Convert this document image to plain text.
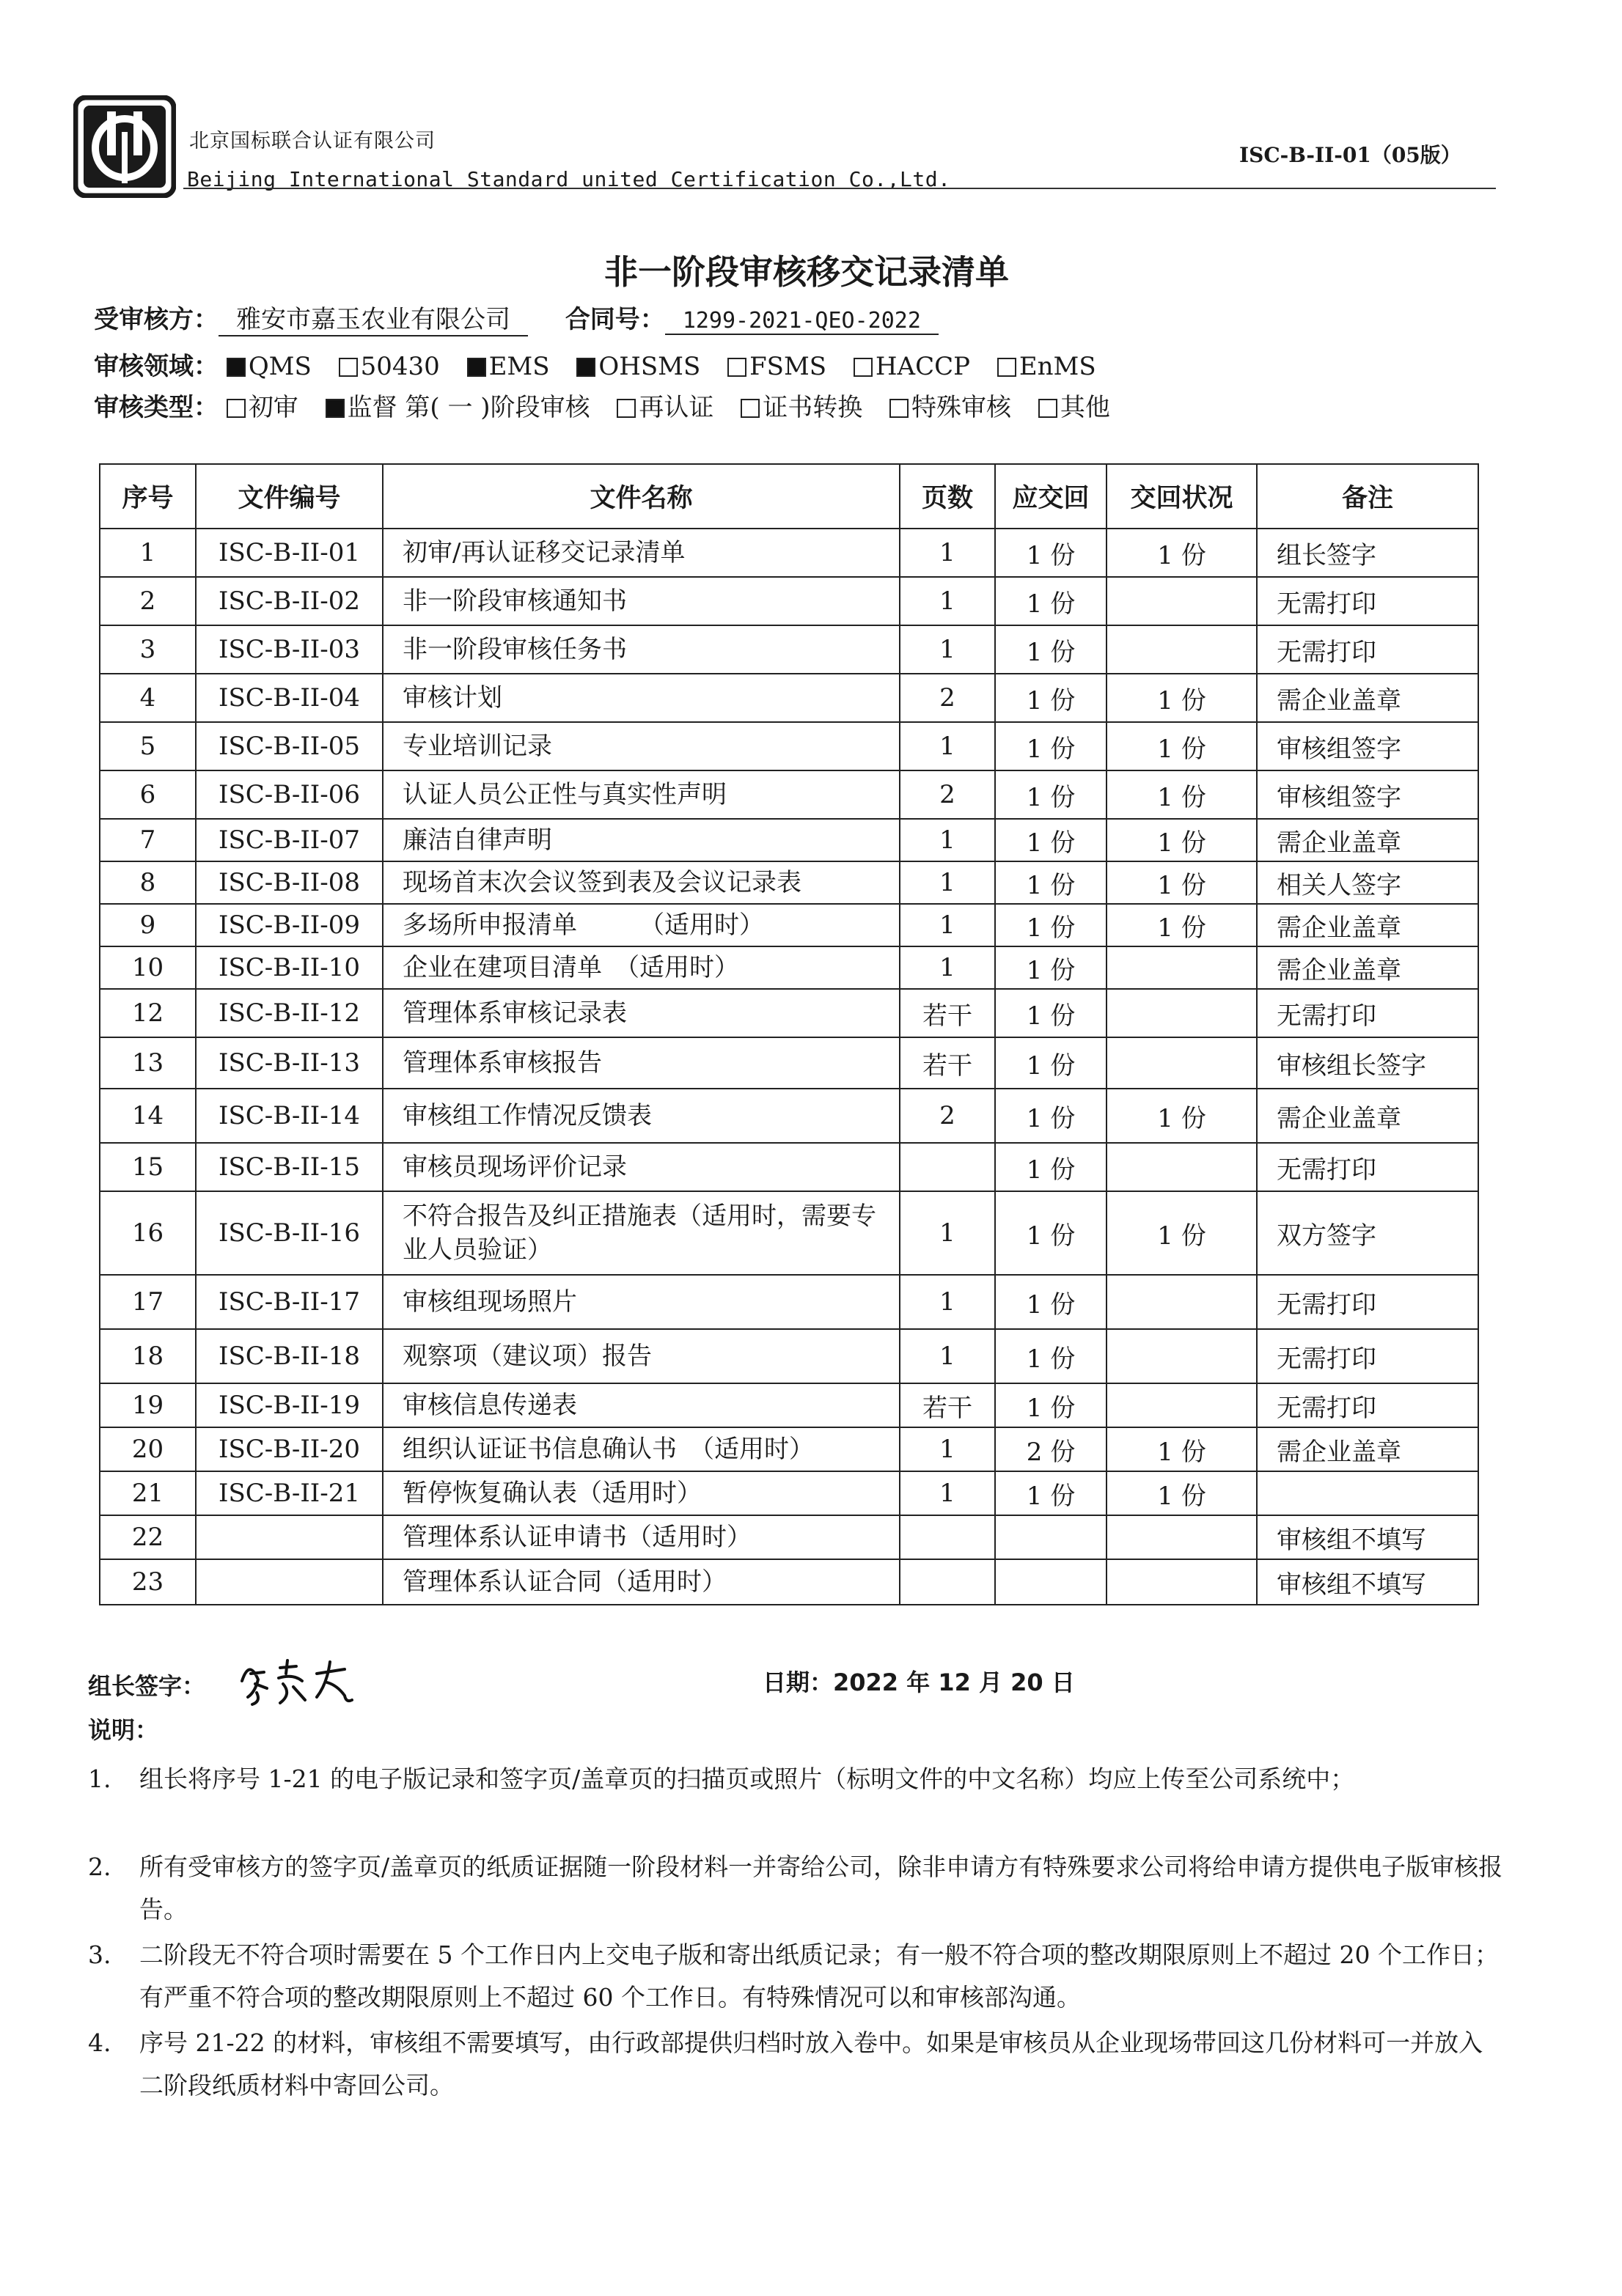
北京国标联合认证有限公司
Beijing International Standard united Certification Co.,Ltd.
ISC-B-II-01（05版）
非一阶段审核移交记录清单
受审核方： 雅安市嘉玉农业有限公司 合同号： 1299-2021-QEO-2022
审核领域： QMS 50430 EMS OHSMS FSMS HACCP EnMS
审核类型： 初审 监督 第( 一 )阶段审核 再认证 证书转换 特殊审核 其他
序号	文件编号	文件名称	页数	应交回	交回状况	备注
1	ISC-B-II-01	初审/再认证移交记录清单	1	1 份	1 份	组长签字
2	ISC-B-II-02	非一阶段审核通知书	1	1 份		无需打印
3	ISC-B-II-03	非一阶段审核任务书	1	1 份		无需打印
4	ISC-B-II-04	审核计划	2	1 份	1 份	需企业盖章
5	ISC-B-II-05	专业培训记录	1	1 份	1 份	审核组签字
6	ISC-B-II-06	认证人员公正性与真实性声明	2	1 份	1 份	审核组签字
7	ISC-B-II-07	廉洁自律声明	1	1 份	1 份	需企业盖章
8	ISC-B-II-08	现场首末次会议签到表及会议记录表	1	1 份	1 份	相关人签字
9	ISC-B-II-09	多场所申报清单　　　（适用时）	1	1 份	1 份	需企业盖章
10	ISC-B-II-10	企业在建项目清单　（适用时）	1	1 份		需企业盖章
12	ISC-B-II-12	管理体系审核记录表	若干	1 份		无需打印
13	ISC-B-II-13	管理体系审核报告	若干	1 份		审核组长签字
14	ISC-B-II-14	审核组工作情况反馈表	2	1 份	1 份	需企业盖章
15	ISC-B-II-15	审核员现场评价记录		1 份		无需打印
16	ISC-B-II-16	不符合报告及纠正措施表（适用时，需要专业人员验证）	1	1 份	1 份	双方签字
17	ISC-B-II-17	审核组现场照片	1	1 份		无需打印
18	ISC-B-II-18	观察项（建议项）报告	1	1 份		无需打印
19	ISC-B-II-19	审核信息传递表	若干	1 份		无需打印
20	ISC-B-II-20	组织认证证书信息确认书　（适用时）	1	2 份	1 份	需企业盖章
21	ISC-B-II-21	暂停恢复确认表（适用时）	1	1 份	1 份	
22		管理体系认证申请书（适用时）				审核组不填写
23		管理体系认证合同（适用时）				审核组不填写
组长签字：	日期：2022 年 12 月 20 日
说明：
1.	组长将序号 1-21 的电子版记录和签字页/盖章页的扫描页或照片（标明文件的中文名称）均应上传至公司系统中；
2.	所有受审核方的签字页/盖章页的纸质证据随一阶段材料一并寄给公司，除非申请方有特殊要求公司将给申请方提供电子版审核报告。
3.	二阶段无不符合项时需要在 5 个工作日内上交电子版和寄出纸质记录；有一般不符合项的整改期限原则上不超过 20 个工作日；有严重不符合项的整改期限原则上不超过 60 个工作日。有特殊情况可以和审核部沟通。
4.	序号 21-22 的材料，审核组不需要填写，由行政部提供归档时放入卷中。如果是审核员从企业现场带回这几份材料可一并放入二阶段纸质材料中寄回公司。
